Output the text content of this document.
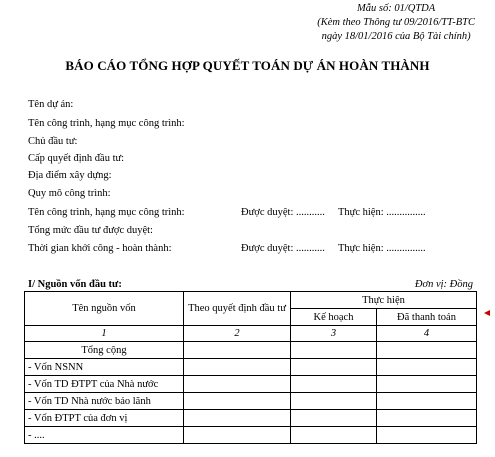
Mẫu số: 01/QTDA
(Kèm theo Thông tư 09/2016/TT-BTC
ngày 18/01/2016 của Bộ Tài chính)
BÁO CÁO TỔNG HỢP QUYẾT TOÁN DỰ ÁN HOÀN THÀNH
Tên dự án:
Tên công trình, hạng mục công trình:
Chủ đầu tư:
Cấp quyết định đầu tư:
Địa điểm xây dựng:
Quy mô công trình:
Tên công trình, hạng mục công trình:	Được duyệt: ........... Thực hiện: ...............
Tổng mức đầu tư được duyệt:
Thời gian khởi công - hoàn thành:	Được duyệt: ........... Thực hiện: ...............
I/ Nguồn vốn đầu tư:	Đơn vị: Đồng
Tên nguồn vốn	Theo quyết định đầu tư	Thực hiện	
		Kế hoạch	Đã thanh toán
1	2	3	4
Tổng cộng			
- Vốn NSNN			
- Vốn TD ĐTPT của Nhà nước			
- Vốn TD Nhà nước bảo lãnh			
- Vốn ĐTPT của đơn vị			
- ....			
